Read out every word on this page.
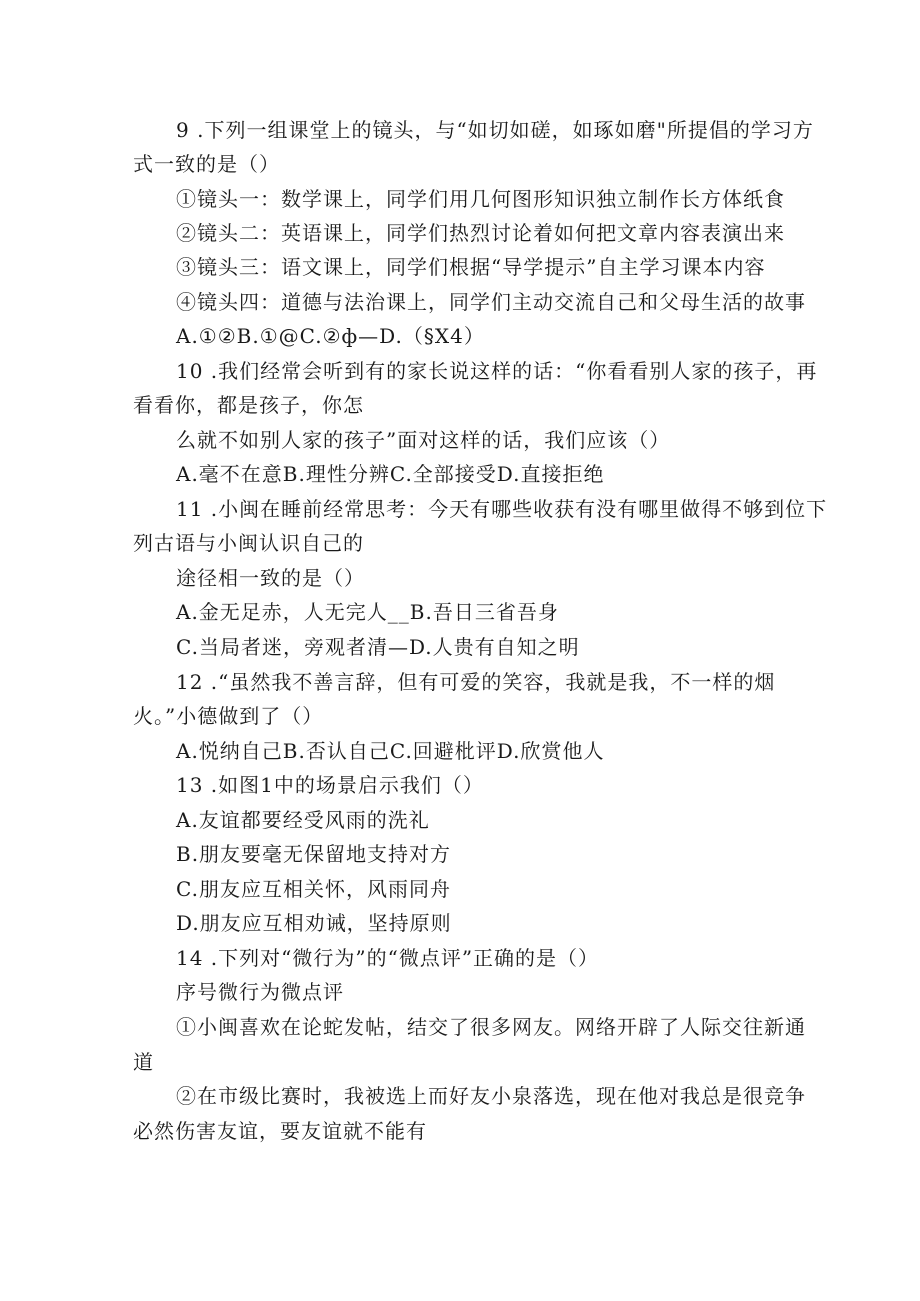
9 .下列一组课堂上的镜头，与“如切如磋，如琢如磨"所提倡的学习方
式一致的是（）
①镜头一：数学课上，同学们用几何图形知识独立制作长方体纸食
②镜头二：英语课上，同学们热烈讨论着如何把文章内容表演出来
③镜头三：语文课上，同学们根据“导学提示”自主学习课本内容
④镜头四：道德与法治课上，同学们主动交流自己和父母生活的故事
A.①②B.①@C.②ф—D.（§X4）
10 .我们经常会听到有的家长说这样的话：“你看看别人家的孩子，再
看看你，都是孩子，你怎
么就不如别人家的孩子”面对这样的话，我们应该（）
A.毫不在意B.理性分辨C.全部接受D.直接拒绝
11 .小闽在睡前经常思考：今天有哪些收获有没有哪里做得不够到位下
列古语与小闽认识自己的
途径相一致的是（）
A.金无足赤，人无完人__B.吾日三省吾身
C.当局者迷，旁观者清—D.人贵有自知之明
12 .“虽然我不善言辞，但有可爱的笑容，我就是我，不一样的烟
火。”小德做到了（）
A.悦纳自己B.否认自己C.回避枇评D.欣赏他人
13 .如图1中的场景启示我们（）
A.友谊都要经受风雨的洗礼
B.朋友要毫无保留地支持对方
C.朋友应互相关怀，风雨同舟
D.朋友应互相劝诫，坚持原则
14 .下列对“微行为”的“微点评”正确的是（）
序号微行为微点评
①小闽喜欢在论蛇发帖，结交了很多网友。网络开辟了人际交往新通
道
②在市级比赛时，我被选上而好友小泉落选，现在他对我总是很竞争
必然伤害友谊，要友谊就不能有
